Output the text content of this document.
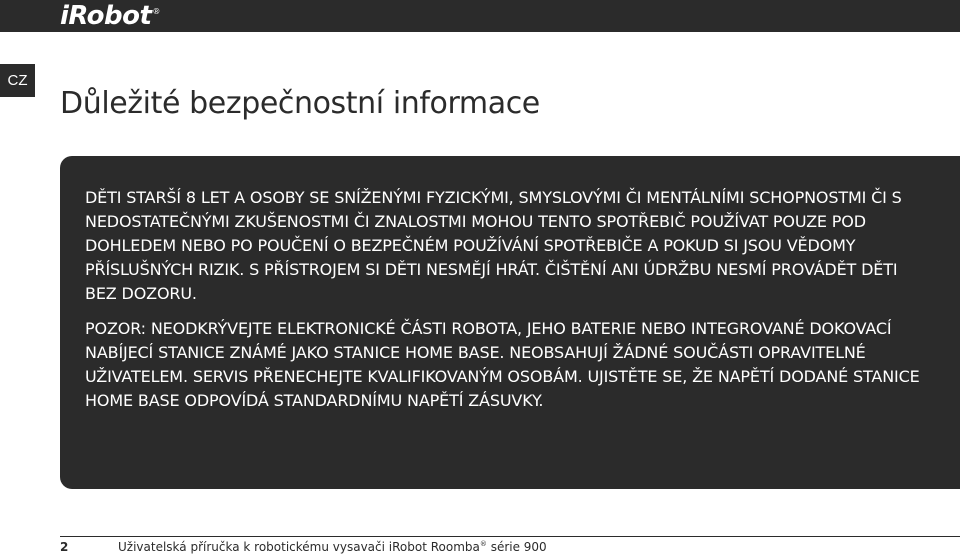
iRobot ®
CZ
Důležité bezpečnostní informace

DĚTI STARŠÍ 8 LET A OSOBY SE SNÍŽENÝMI FYZICKÝMI, SMYSLOVÝMI ČI MENTÁLNÍMI SCHOPNOSTMI ČI S NEDOSTATEČNÝMI ZKUŠENOSTMI ČI ZNALOSTMI MOHOU TENTO SPOTŘEBIČ POUŽÍVAT POUZE POD DOHLEDEM NEBO PO POUČENÍ O BEZPEČNÉM POUŽÍVÁNÍ SPOTŘEBIČE A POKUD SI JSOU VĚDOMY PŘÍSLUŠNÝCH RIZIK. S PŘÍSTROJEM SI DĚTI NESMĚJÍ HRÁT. ČIŠTĚNÍ ANI ÚDRŽBU NESMÍ PROVÁDĚT DĚTI BEZ DOZORU.

POZOR: NEODKRÝVEJTE ELEKTRONICKÉ ČÁSTI ROBOTA, JEHO BATERIE NEBO INTEGROVANÉ DOKOVACÍ NABÍJECÍ STANICE ZNÁMÉ JAKO STANICE HOME BASE. NEOBSAHUJÍ ŽÁDNÉ SOUČÁSTI OPRAVITELNÉ UŽIVATELEM. SERVIS PŘENECHEJTE KVALIFIKOVANÝM OSOBÁM. UJISTĚTE SE, ŽE NAPĚTÍ DODANÉ STANICE HOME BASE ODPOVÍDÁ STANDARDNÍMU NAPĚTÍ ZÁSUVKY.

2	Uživatelská příručka k robotickému vysavači iRobot Roomba® série 900
